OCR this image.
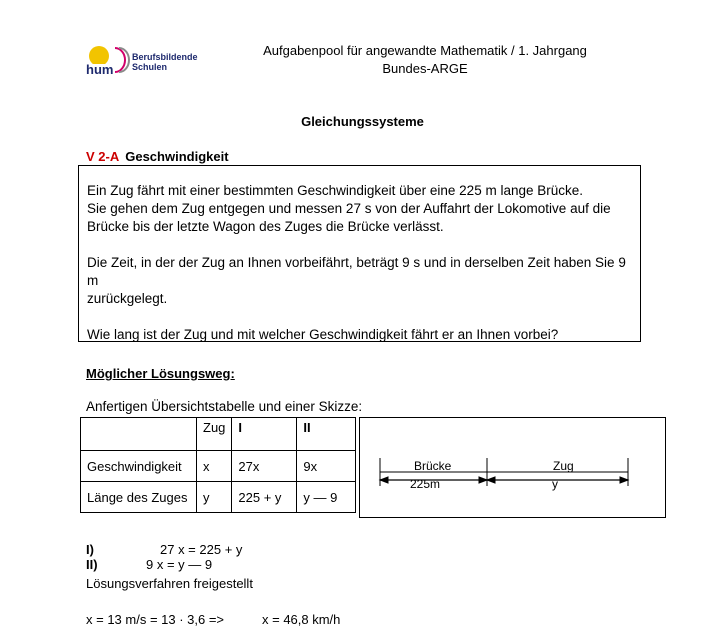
hum
Berufsbildende
Schulen
Aufgabenpool für angewandte Mathematik / 1. Jahrgang
Bundes-ARGE
Gleichungssysteme
V 2-A Geschwindigkeit

Ein Zug fährt mit einer bestimmten Geschwindigkeit über eine 225 m lange Brücke.
Sie gehen dem Zug entgegen und messen 27 s von der Auffahrt der Lokomotive auf die
Brücke bis der letzte Wagon des Zuges die Brücke verlässt.

Die Zeit, in der der Zug an Ihnen vorbeifährt, beträgt 9 s und in derselben Zeit haben Sie 9 m
zurückgelegt.

Wie lang ist der Zug und mit welcher Geschwindigkeit fährt er an Ihnen vorbei?

Möglicher Lösungsweg:
Anfertigen Übersichtstabelle und einer Skizze:
	Zug	I	II
Geschwindigkeit	x	27x	9x
Länge des Zuges	y	225 + y	y — 9
Brücke
225m
Zug
y
I)	27 x = 225 + y
II)	9 x = y — 9
Lösungsverfahren freigestellt
x = 13 m/s = 13 · 3,6 =>	x = 46,8 km/h
